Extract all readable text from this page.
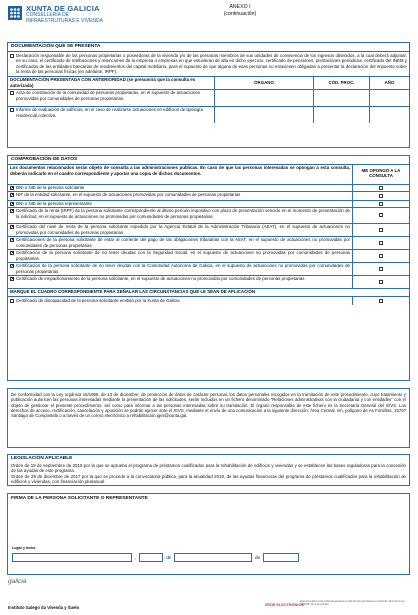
XUNTA DE GALICIA
CONSELLERÍA DE
INFRAESTRUTURAS E VIVENDA
ANEXO I
(continuación)
DOCUMENTACIÓN QUE SE PRESENTA
Declaración responsable de las personas propietarias o poseedoras de la vivienda y/o de las personas miembros de sus unidades de convivencia de los ingresos obtenidos, a la cual deberá adjuntar, en su caso, el certificado de retribuciones y retenciones de la empresa o empresas en que estuvieran de alta en dicho ejercicio, certificado de pensiones, prestaciones periódicas, certificado del INEM y certificados de las entidades bancarias de rendimientos del capital mobiliario, para el supuesto de que alguna de esas personas no estuviesen obligadas a presentar la declaración del impuesto sobre la renta de las personas físicas (en adelante, IRPF).
DOCUMENTACIÓN PRESENTADA CON ANTERIORIDAD (se presumirá que la consulta es autorizada)
ÓRGANO	CÓD. PROC.	AÑO
Acta de constitución de la comunidad de personas propietarias, en el supuesto de actuaciones promovidas por comunidades de personas propietarias.
Informe de evaluación de edificios, en el caso de realizarse actuaciones en edificios de tipología residencial colectiva.
COMPROBACIÓN DE DATOS
Los documentos relacionados serán objeto de consulta a las administraciones públicas. En caso de que las personas interesadas se opongan a esta consulta, deberán indicarlo en el cuadro correspondiente y aportar una copia de dichos documentos.
ME OPONGO A LA CONSULTA
✕
DNI o NIE de la persona solicitante
✕
NIF de la entidad solicitante, en el supuesto de actuaciones promovidas por comunidades de personas propietarias
✕
DNI o NIE de la persona representante
✕
Certificado de la renta (IRPF) de la persona solicitante correspondiente al último período impositivo con plazo de presentación vencido en el momento de presentación de la solicitud, en el supuesto de actuaciones no promovidas por comunidades de personas propietarias
✕
Certificado del nivel de renta de la persona solicitante expedido por la Agencia Estatal de la Administración Tributaria (AEAT), en el supuesto de actuaciones no promovidas por comunidades de personas propietarias
✕
Certificaciones de la persona solicitante de estar al corriente del pago de las obligaciones tributarias con la AEAT, en el supuesto de actuaciones no promovidas por comunidades de personas propietarias
✕
Certificación de la persona solicitante de no tener deudas con la Seguridad Social, en el supuesto de actuaciones no promovidas por comunidades de personas propietarias
✕
Certificación de la persona solicitante de no tener deudas con la Comunidad Autónoma de Galicia, en el supuesto de actuaciones no promovidas por comunidades de personas propietarias
✕
Certificado de empadronamiento de la persona solicitante, en el supuesto de actuaciones no promovidas por comunidades de personas propietarias
MARQUE EL CUADRO CORRESPONDIENTE PARA SEÑALAR LAS CIRCUNSTANCIAS QUE LE SEAN DE APLICACIÓN
Certificado de discapacidad de la persona solicitante emitido por la Xunta de Galicia
De conformidad con la Ley orgánica 15/1999, de 13 de diciembre, de protección de datos de carácter personal, los datos personales recogidos en la tramitación de este procedimiento, cuyo tratamiento y publicación autoricen las personas interesadas mediante la presentación de las solicitudes, serán incluidos en un fichero denominado "Relaciones administrativas con la ciudadanía y con entidades" con el objeto de gestionar el presente procedimiento, así como para informar a las personas interesadas sobre su tramitación. El órgano responsable de este fichero es la Secretaría General del IGVS. Los derechos de acceso, rectificación, cancelación y oposición se podrán ejercer ante el IGVS, mediante el envío de una comunicación a la siguiente dirección: Área Central, s/n, polígono de As Fontiñas, 15707 Santiago de Compostela o a través de un correo electrónico a rehabilitacion.igvs@xunta.gal.
LEGISLACIÓN APLICABLE
Orden de 19 de septiembre de 2016 por la que se aprueba el programa de préstamos cualificados para la rehabilitación de edificios y viviendas y se establecen las bases reguladoras para la concesión de las ayudas de este programa.
Orden de 29 de diciembre de 2017 por la que se procede a la convocatoria pública, para la anualidad 2018, de las ayudas financieras del programa de préstamos cualificados para la rehabilitación de edificios y viviendas, con financiación plurianual.
FIRMA DE LA PERSONA SOLICITANTE O REPRESENTANTE
Lugar y fecha
,	de	de
galicia
Instituto Galego da Vivenda y Suelo	SEDE ELECTRÓNICA
Este formulario solo podrá presentarse en las formas previstas en el artículo 16.4 de la Ley 39/2015, de 1 de octubre
